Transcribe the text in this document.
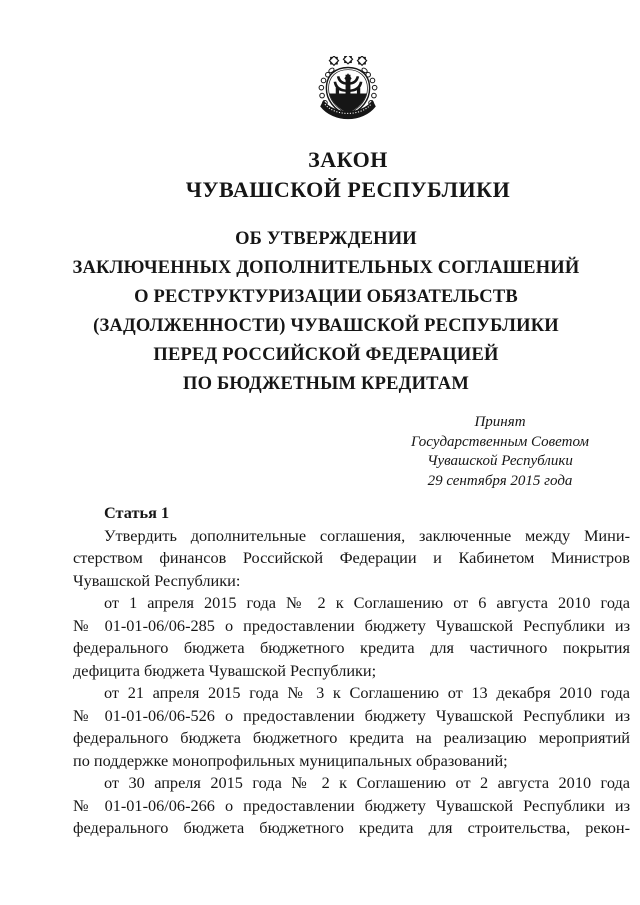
ЗАКОН
ЧУВАШСКОЙ РЕСПУБЛИКИ
ОБ УТВЕРЖДЕНИИ
ЗАКЛЮЧЕННЫХ ДОПОЛНИТЕЛЬНЫХ СОГЛАШЕНИЙ
О РЕСТРУКТУРИЗАЦИИ ОБЯЗАТЕЛЬСТВ
(ЗАДОЛЖЕННОСТИ) ЧУВАШСКОЙ РЕСПУБЛИКИ
ПЕРЕД РОССИЙСКОЙ ФЕДЕРАЦИЕЙ
ПО БЮДЖЕТНЫМ КРЕДИТАМ
Принят
Государственным Советом
Чувашской Республики
29 сентября 2015 года
Статья 1
Утвердить дополнительные соглашения, заключенные между Мини-
стерством финансов Российской Федерации и Кабинетом Министров
Чувашской Республики:
от 1 апреля 2015 года № 2 к Соглашению от 6 августа 2010 года
№ 01-01-06/06-285 о предоставлении бюджету Чувашской Республики из
федерального бюджета бюджетного кредита для частичного покрытия
дефицита бюджета Чувашской Республики;
от 21 апреля 2015 года № 3 к Соглашению от 13 декабря 2010 года
№ 01-01-06/06-526 о предоставлении бюджету Чувашской Республики из
федерального бюджета бюджетного кредита на реализацию мероприятий
по поддержке монопрофильных муниципальных образований;
от 30 апреля 2015 года № 2 к Соглашению от 2 августа 2010 года
№ 01-01-06/06-266 о предоставлении бюджету Чувашской Республики из
федерального бюджета бюджетного кредита для строительства, рекон-
